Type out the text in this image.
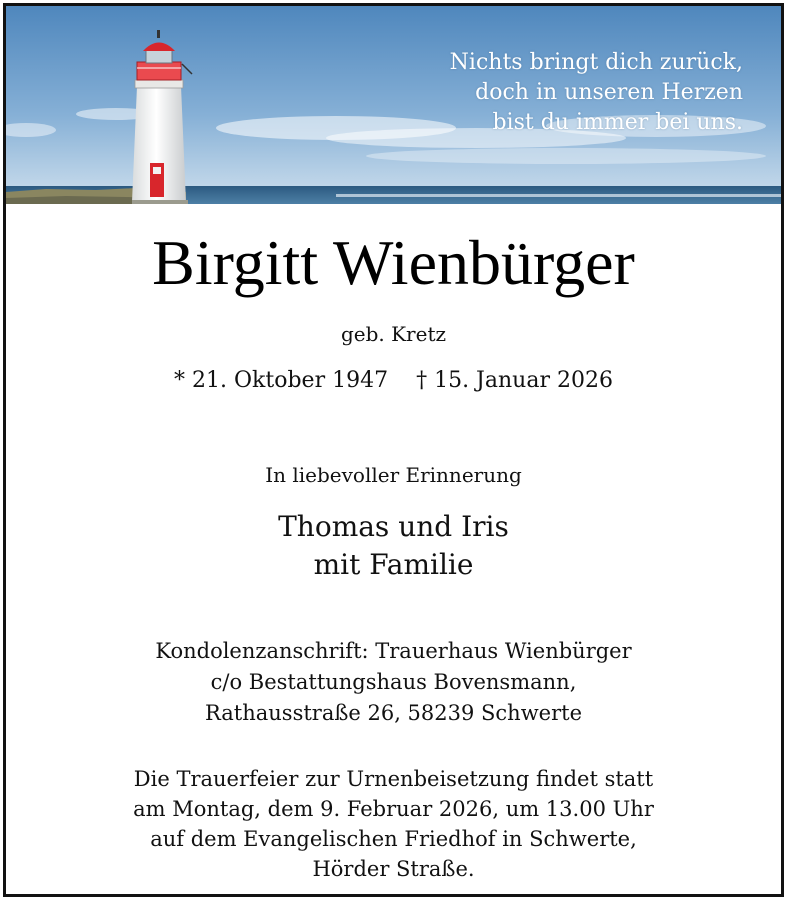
Nichts bringt dich zurück,
doch in unseren Herzen
bist du immer bei uns.
Birgitt Wienbürger
geb. Kretz
* 21. Oktober 1947 † 15. Januar 2026
In liebevoller Erinnerung
Thomas und Iris
mit Familie
Kondolenzanschrift: Trauerhaus Wienbürger
c/o Bestattungshaus Bovensmann,
Rathausstraße 26, 58239 Schwerte
Die Trauerfeier zur Urnenbeisetzung findet statt
am Montag, dem 9. Februar 2026, um 13.00 Uhr
auf dem Evangelischen Friedhof in Schwerte,
Hörder Straße.
